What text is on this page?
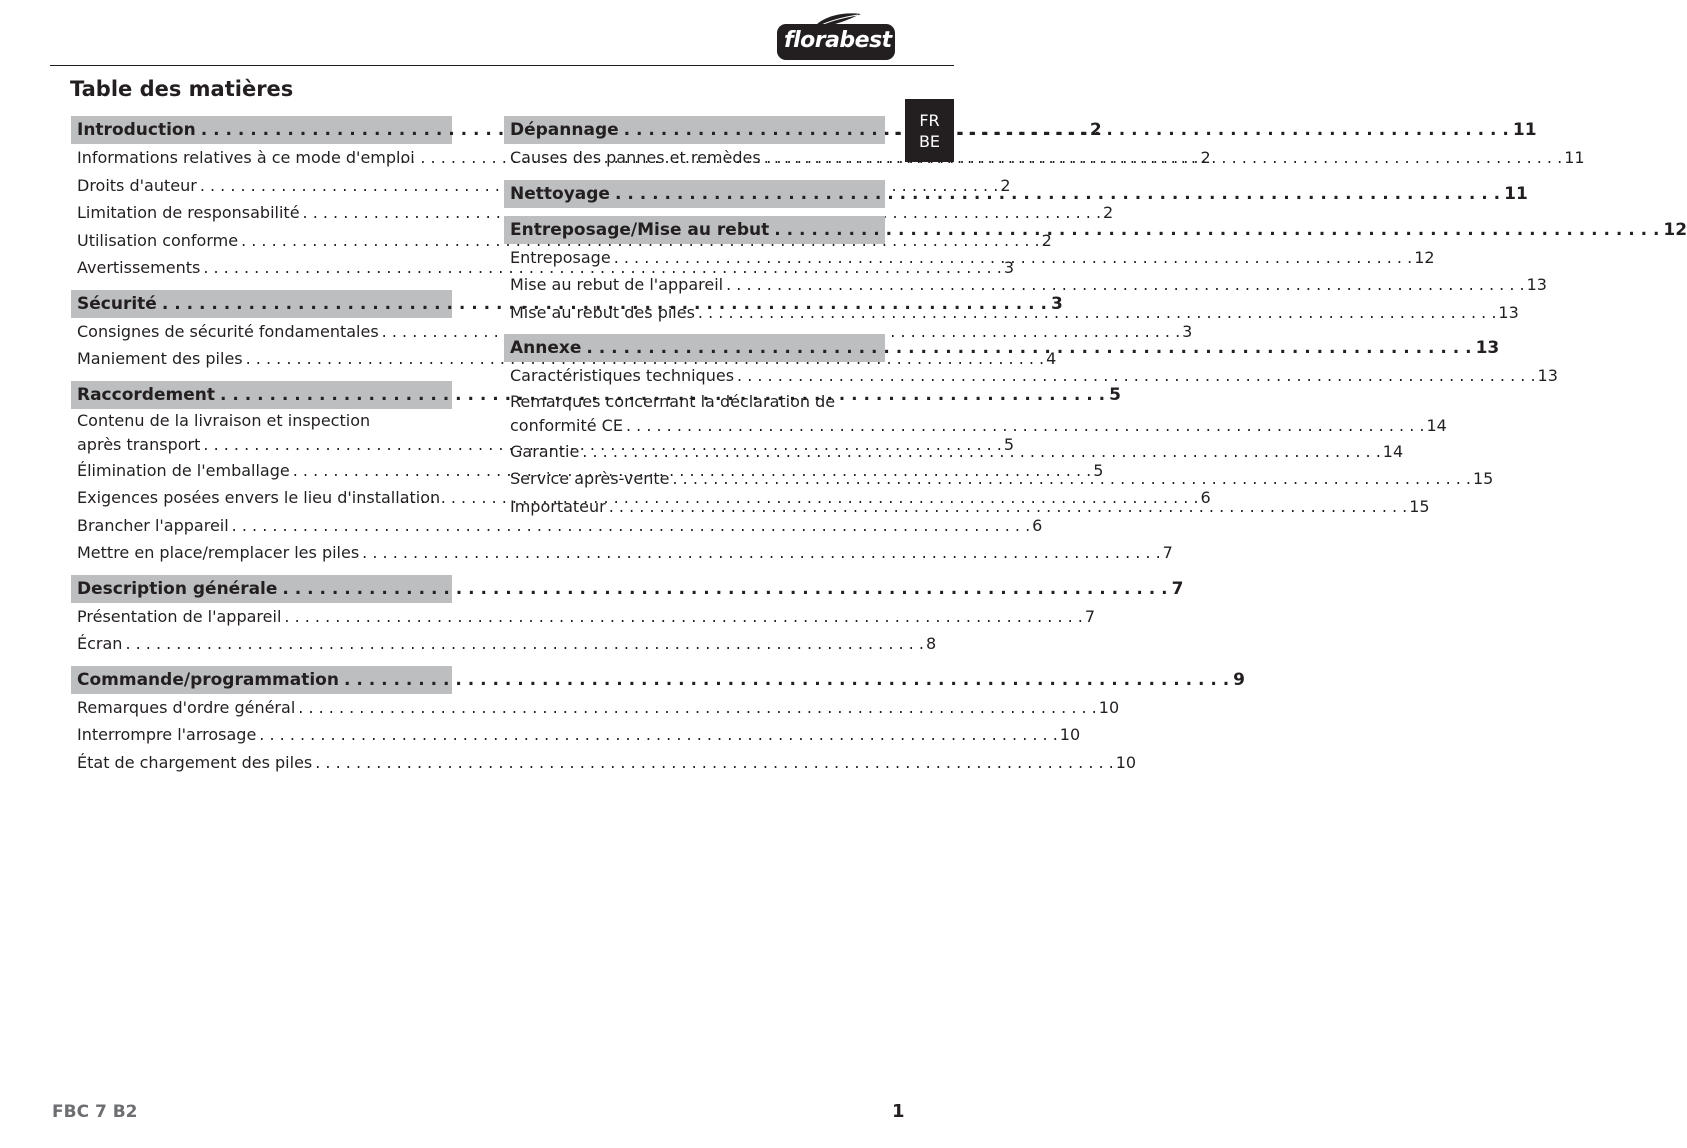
florabest
FR
BE
Table des matières
Introduction . . .	2
Informations relatives à ce mode d'emploi . . .	2
Droits d'auteur . . .	2
Limitation de responsabilité . . .	2
Utilisation conforme . . .	2
Avertissements . . .	3
Sécurité . . .	3
Consignes de sécurité fondamentales . . .	3
Maniement des piles . . .	4
Raccordement . . .	5
Contenu de la livraison et inspection
après transport . . .	5
Élimination de l'emballage . . .	5
Exigences posées envers le lieu d'installation . . .	6
Brancher l'appareil . . .	6
Mettre en place/remplacer les piles . . .	7
Description générale . . .	7
Présentation de l'appareil . . .	7
Écran . . .	8
Commande/programmation . . .	9
Remarques d'ordre général . . .	10
Interrompre l'arrosage . . .	10
État de chargement des piles . . .	10
Dépannage . . .	11
Causes des pannes et remèdes . . .	11
Nettoyage . . .	11
Entreposage/Mise au rebut . . .	12
Entreposage . . .	12
Mise au rebut de l'appareil . . .	13
Mise au rebut des piles . . .	13
Annexe . . .	13
Caractéristiques techniques . . .	13
Remarques concernant la déclaration de
conformité CE . . .	14
Garantie . . .	14
Service après-vente . . .	15
Importateur . . .	15
FBC 7 B2	1
